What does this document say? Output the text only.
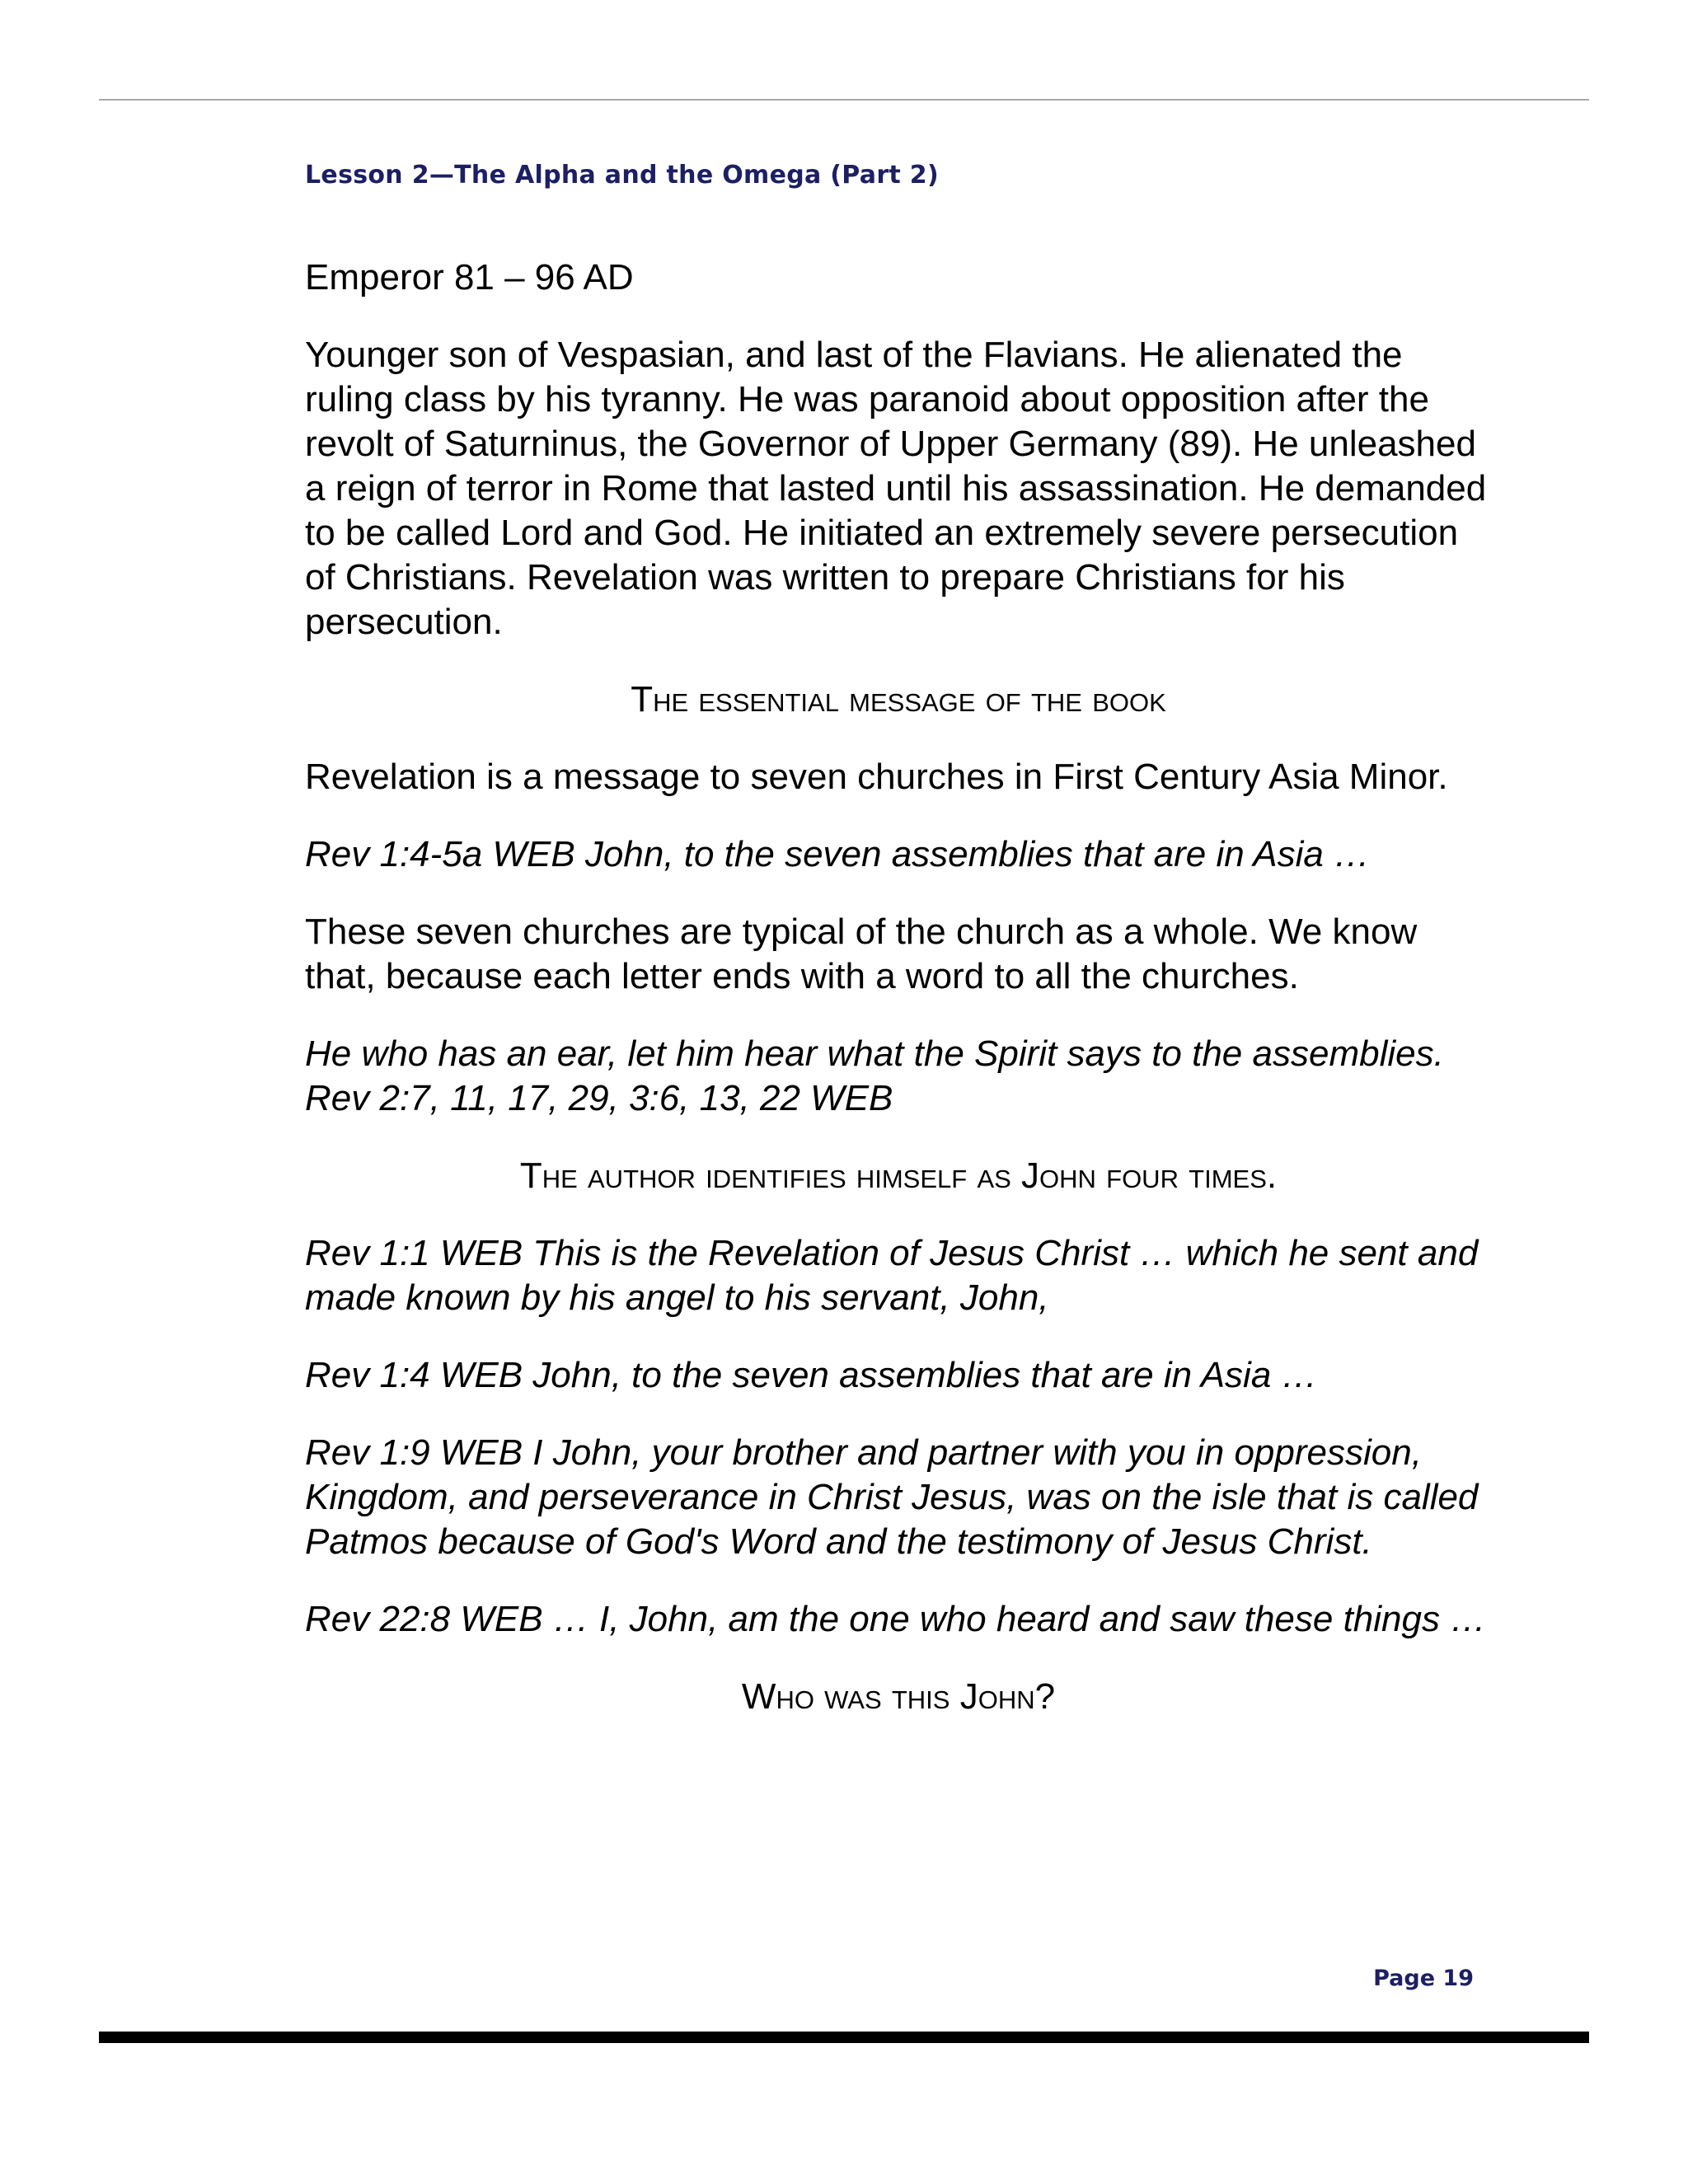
Lesson 2—The Alpha and the Omega (Part 2)

Emperor 81 – 96 AD

Younger son of Vespasian, and last of the Flavians. He alienated the ruling class by his tyranny. He was paranoid about opposition after the revolt of Saturninus, the Governor of Upper Germany (89). He unleashed a reign of terror in Rome that lasted until his assassination. He demanded to be called Lord and God. He initiated an extremely severe persecution of Christians. Revelation was written to prepare Christians for his persecution.

The essential message of the book

Revelation is a message to seven churches in First Century Asia Minor.

Rev 1:4-5a WEB John, to the seven assemblies that are in Asia …

These seven churches are typical of the church as a whole. We know that, because each letter ends with a word to all the churches.

He who has an ear, let him hear what the Spirit says to the assemblies. Rev 2:7, 11, 17, 29, 3:6, 13, 22 WEB

The author identifies himself as John four times.

Rev 1:1 WEB This is the Revelation of Jesus Christ … which he sent and made known by his angel to his servant, John,

Rev 1:4 WEB John, to the seven assemblies that are in Asia …

Rev 1:9 WEB I John, your brother and partner with you in oppression, Kingdom, and perseverance in Christ Jesus, was on the isle that is called Patmos because of God's Word and the testimony of Jesus Christ.

Rev 22:8 WEB … I, John, am the one who heard and saw these things …

Who was this John?

Page 19
